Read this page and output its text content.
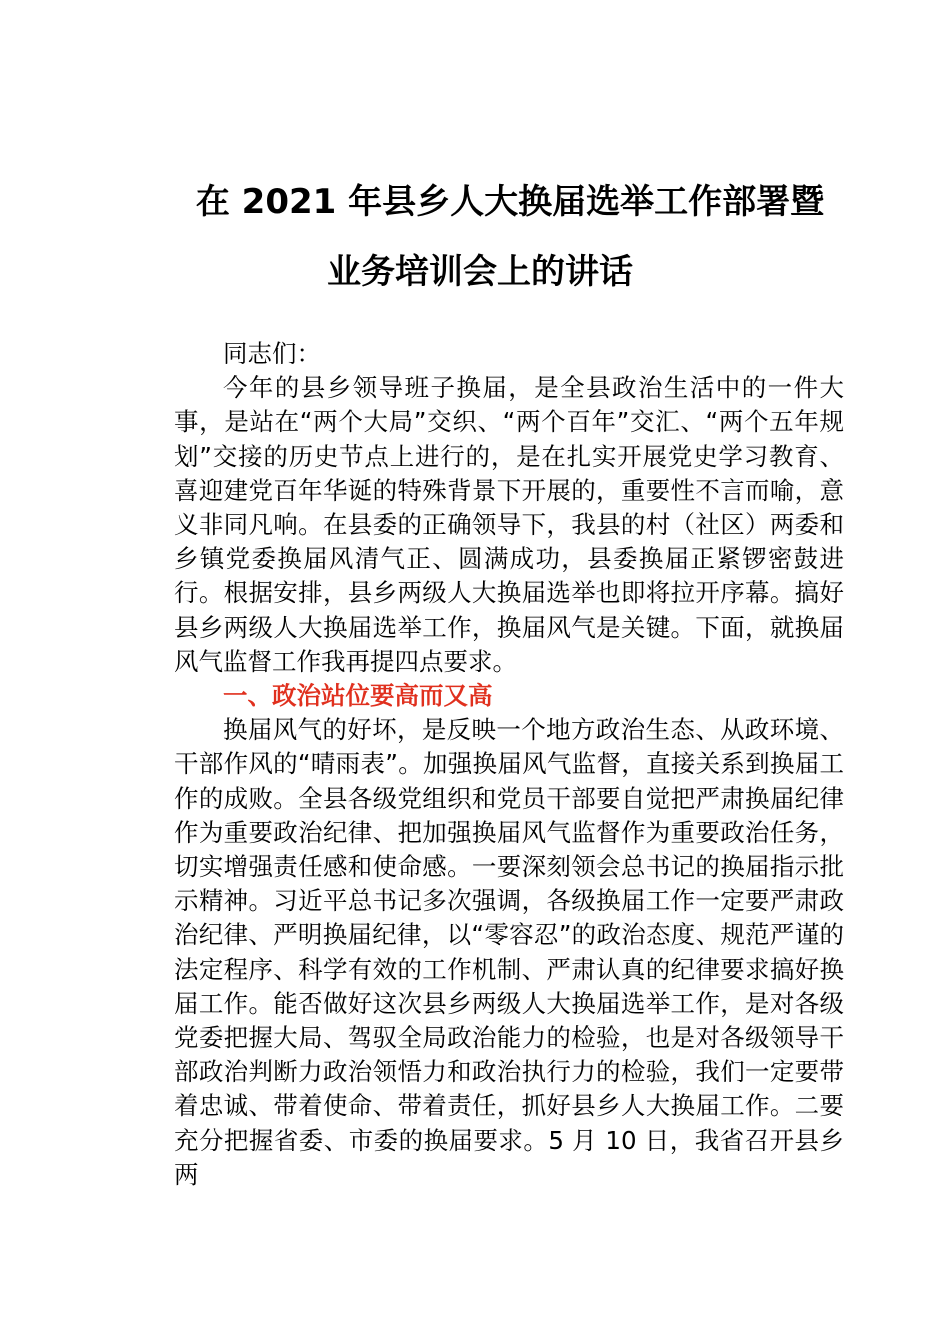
在 2021 年县乡人大换届选举工作部署暨
业务培训会上的讲话

同志们：

今年的县乡领导班子换届，是全县政治生活中的一件大事，是站在“两个大局”交织、“两个百年”交汇、“两个五年规划”交接的历史节点上进行的，是在扎实开展党史学习教育、喜迎建党百年华诞的特殊背景下开展的，重要性不言而喻，意义非同凡响。在县委的正确领导下，我县的村（社区）两委和乡镇党委换届风清气正、圆满成功，县委换届正紧锣密鼓进行。根据安排，县乡两级人大换届选举也即将拉开序幕。搞好县乡两级人大换届选举工作，换届风气是关键。下面，就换届风气监督工作我再提四点要求。

一、政治站位要高而又高

换届风气的好坏，是反映一个地方政治生态、从政环境、干部作风的“晴雨表”。加强换届风气监督，直接关系到换届工作的成败。全县各级党组织和党员干部要自觉把严肃换届纪律作为重要政治纪律、把加强换届风气监督作为重要政治任务，切实增强责任感和使命感。一要深刻领会总书记的换届指示批示精神。习近平总书记多次强调，各级换届工作一定要严肃政治纪律、严明换届纪律，以“零容忍”的政治态度、规范严谨的法定程序、科学有效的工作机制、严肃认真的纪律要求搞好换届工作。能否做好这次县乡两级人大换届选举工作，是对各级党委把握大局、驾驭全局政治能力的检验，也是对各级领导干部政治判断力政治领悟力和政治执行力的检验，我们一定要带着忠诚、带着使命、带着责任，抓好县乡人大换届工作。二要充分把握省委、市委的换届要求。5 月 10 日，我省召开县乡两
